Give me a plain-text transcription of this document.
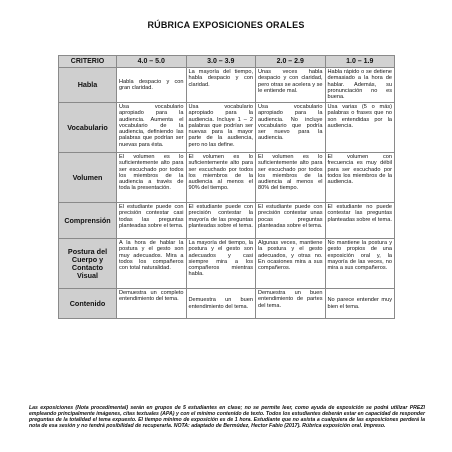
RÚBRICA EXPOSICIONES ORALES
CRITERIO	4.0 – 5.0	3.0 – 3.9	2.0 – 2.9	1.0 – 1.9
Habla	Habla despacio y con gran claridad.	La mayoría del tiempo, habla despacio y con claridad.	Unas veces habla despacio y con claridad, pero otras se acelera y se le entiende mal.	Habla rápido o se detiene demasiado a la hora de hablar. Además, su pronunciación no es buena.
Vocabulario	Usa vocabulario apropiado para la audiencia. Aumenta el vocabulario de la audiencia, definiendo las palabras que podrían ser nuevas para ésta.	Usa vocabulario apropiado para la audiencia. Incluye 1 – 2 palabras que podrían ser nuevas para la mayor parte de la audiencia, pero no las define.	Usa vocabulario apropiado para la audiencia. No incluye vocabulario que podría ser nuevo para la audiencia.	Usa varias (5 o más) palabras o frases que no son entendidas por la audiencia.
Volumen	El volumen es lo suficientemente alto para ser escuchado por todos los miembros de la audiencia a través de toda la presentación.	El volumen es lo suficientemente alto para ser escuchado por todos los miembros de la audiencia al menos el 90% del tiempo.	El volumen es lo suficientemente alto para ser escuchado por todos los miembros de la audiencia al menos el 80% del tiempo.	El volumen con frecuencia es muy débil para ser escuchado por todos los miembros de la audiencia.
Comprensión	El estudiante puede con precisión contestar casi todas las preguntas planteadas sobre el tema.	El estudiante puede con precisión contestar la mayoría de las preguntas planteadas sobre el tema.	El estudiante puede con precisión contestar unas pocas preguntas planteadas sobre el tema.	El estudiante no puede contestar las preguntas planteadas sobre el tema.
Postura del Cuerpo y Contacto Visual	A la hora de hablar la postura y el gesto son muy adecuados. Mira a todos los compañeros con total naturalidad.	La mayoría del tiempo, la postura y el gesto son adecuados y casi siempre mira a los compañeros mientras habla.	Algunas veces, mantiene la postura y el gesto adecuados, y otras no. En ocasiones mira a sus compañeros.	No mantiene la postura y gesto propios de una exposición oral y, la mayoría de las veces, no mira a sus compañeros.
Contenido	Demuestra un completo entendimiento del tema.	Demuestra un buen entendimiento del tema.	Demuestra un buen entendimiento de partes del tema.	No parece entender muy bien el tema.
Las exposiciones (Nota procedimental) serán en grupos de 5 estudiantes en clase; no se permite leer, como ayuda de exposición se podrá utilizar PREZI empleando principalmente imágenes, citas textuales (APA) y con el mínimo contenido de texto. Todos los estudiantes deberán estar en capacidad de responder preguntas de la totalidad el tema expuesto. El tiempo mínimo de exposición es de 1 hora. Estudiante que no asista a cualquiera de las exposiciones perderá la nota de esa sesión y no tendrá posibilidad de recuperarla. NOTA: adaptado de Bermúdez, Hector Fabio (2017). Rúbrica exposición oral. Impreso.
